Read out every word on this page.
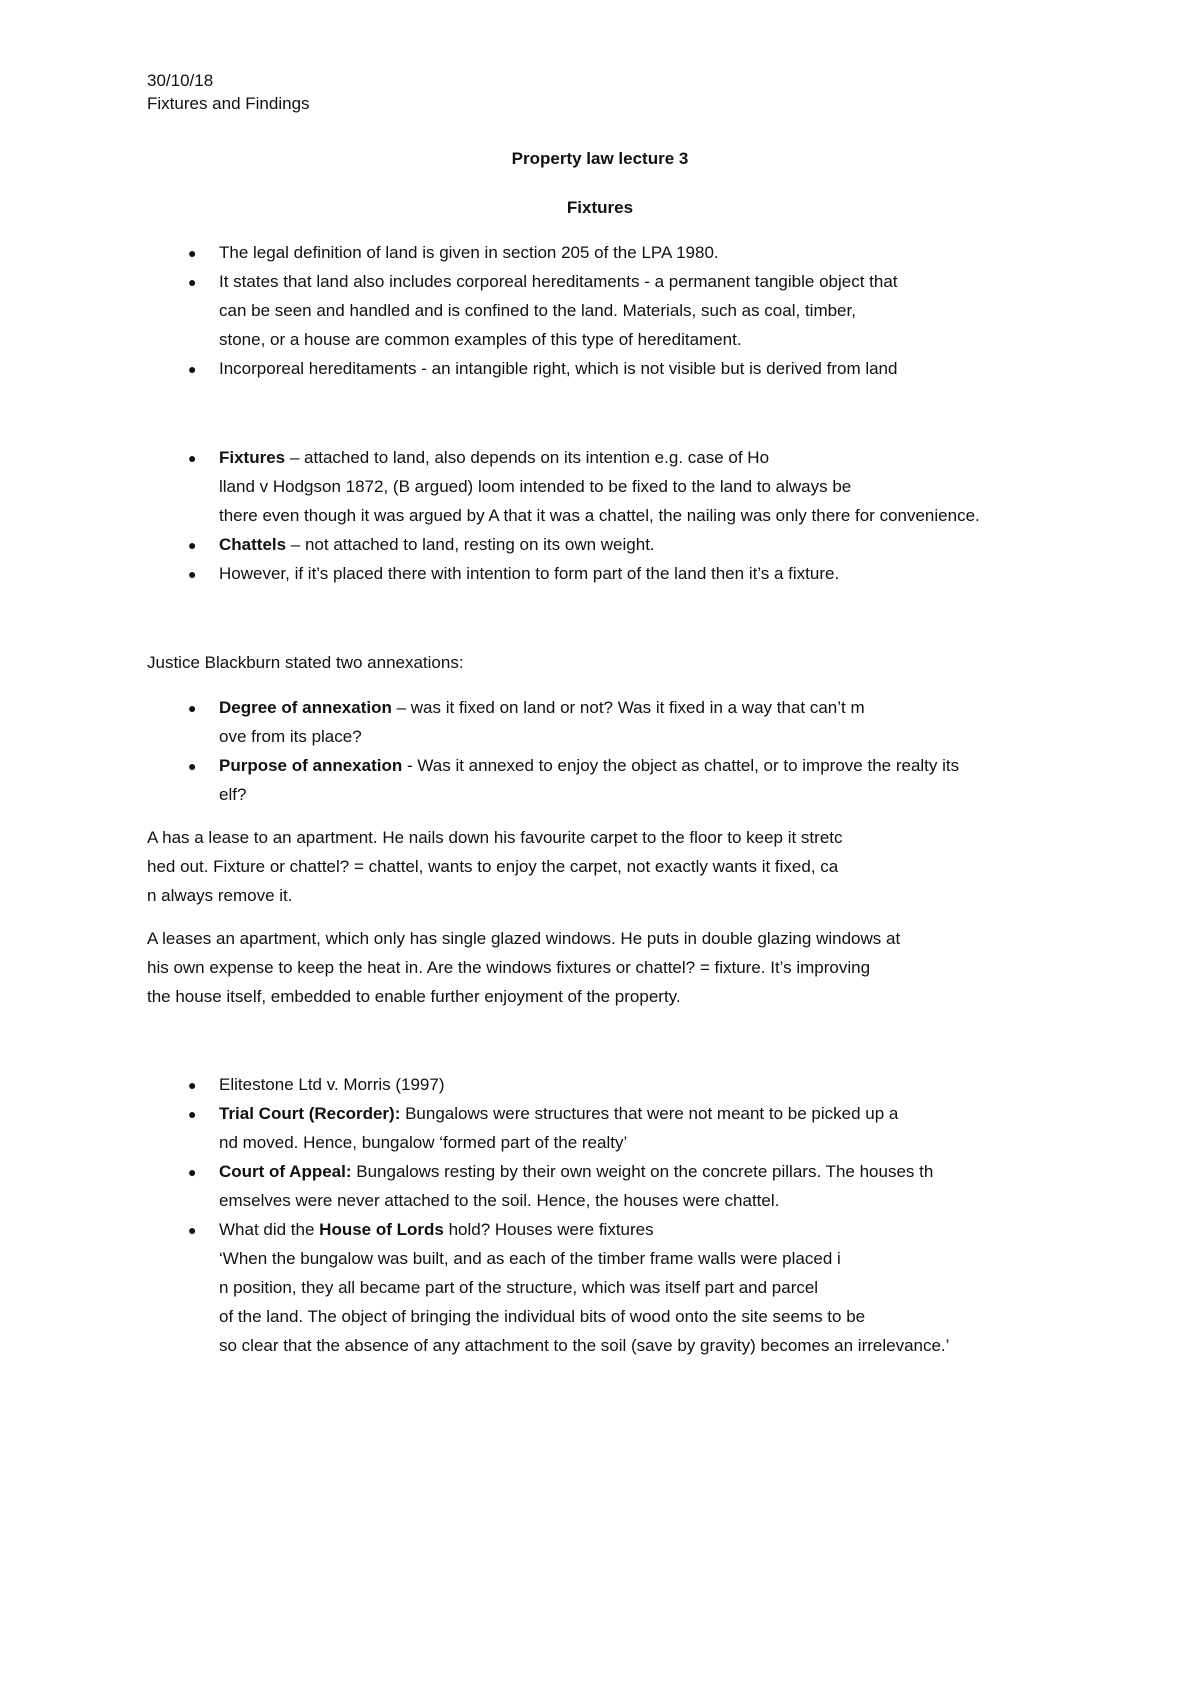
30/10/18
Fixtures and Findings
Property law lecture 3
Fixtures
● The legal definition of land is given in section 205 of the LPA 1980.
● It states that land also includes corporeal hereditaments - a permanent tangible object that
can be seen and handled and is confined to the land. Materials, such as coal, timber,
stone, or a house are common examples of this type of hereditament.
● Incorporeal hereditaments - an intangible right, which is not visible but is derived from land
● Fixtures – attached to land, also depends on its intention e.g. case of Ho
lland v Hodgson 1872, (B argued) loom intended to be fixed to the land to always be
there even though it was argued by A that it was a chattel, the nailing was only there for convenience.
● Chattels – not attached to land, resting on its own weight.
● However, if it’s placed there with intention to form part of the land then it’s a fixture.
Justice Blackburn stated two annexations:
● Degree of annexation – was it fixed on land or not? Was it fixed in a way that can’t m
ove from its place?
● Purpose of annexation - Was it annexed to enjoy the object as chattel, or to improve the realty its
elf?
A has a lease to an apartment. He nails down his favourite carpet to the floor to keep it stretc
hed out. Fixture or chattel? = chattel, wants to enjoy the carpet, not exactly wants it fixed, ca
n always remove it.
A leases an apartment, which only has single glazed windows. He puts in double glazing windows at
his own expense to keep the heat in. Are the windows fixtures or chattel? = fixture. It’s improving
the house itself, embedded to enable further enjoyment of the property.
● Elitestone Ltd v. Morris (1997)
● Trial Court (Recorder): Bungalows were structures that were not meant to be picked up a
nd moved. Hence, bungalow ‘formed part of the realty’
● Court of Appeal: Bungalows resting by their own weight on the concrete pillars. The houses th
emselves were never attached to the soil. Hence, the houses were chattel.
● What did the House of Lords hold? Houses were fixtures
‘When the bungalow was built, and as each of the timber frame walls were placed i
n position, they all became part of the structure, which was itself part and parcel
of the land. The object of bringing the individual bits of wood onto the site seems to be
so clear that the absence of any attachment to the soil (save by gravity) becomes an irrelevance.’
